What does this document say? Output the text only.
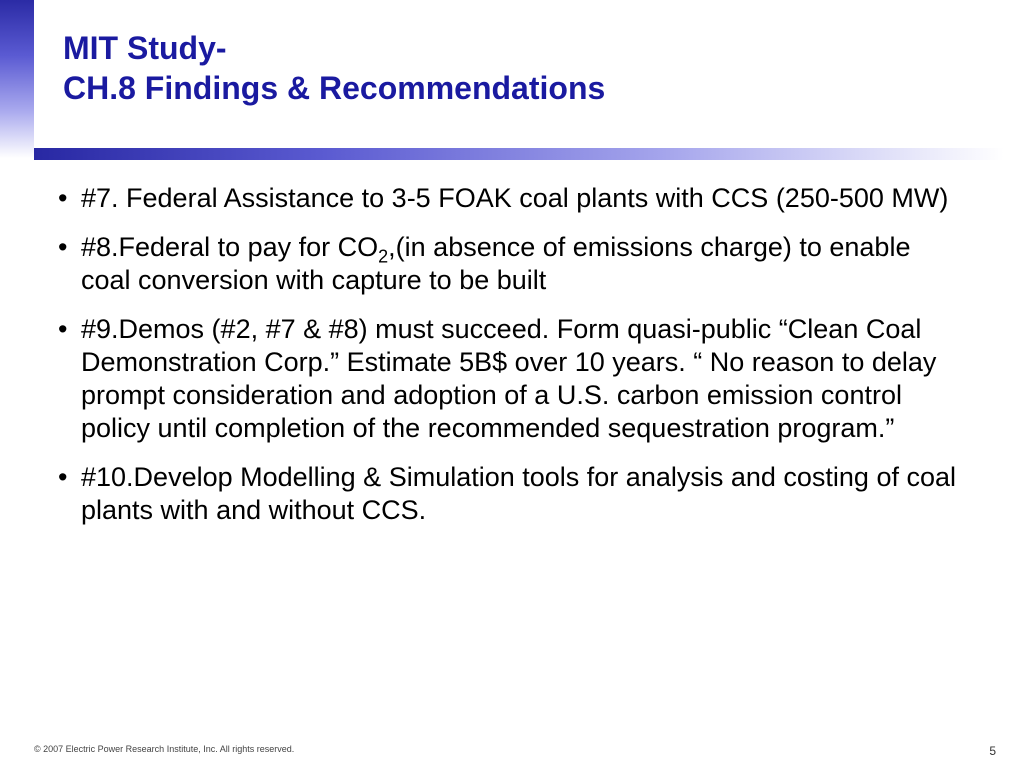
MIT Study-
CH.8 Findings & Recommendations
• #7. Federal Assistance to 3-5 FOAK coal plants with CCS (250-500 MW)
• #8.Federal to pay for $CO_2,(in$ absence of emissions charge) to enable coal conversion with capture to be built
• #9.Demos (#2, #7 & #8) must succeed. Form quasi-public “Clean Coal Demonstration Corp.” Estimate 5B$ over 10 years. “ No reason to delay prompt consideration and adoption of a U.S. carbon emission control policy until completion of the recommended sequestration program.”
• #10.Develop Modelling & Simulation tools for analysis and costing of coal plants with and without CCS.
© 2007 Electric Power Research Institute, Inc. All rights reserved.	5
